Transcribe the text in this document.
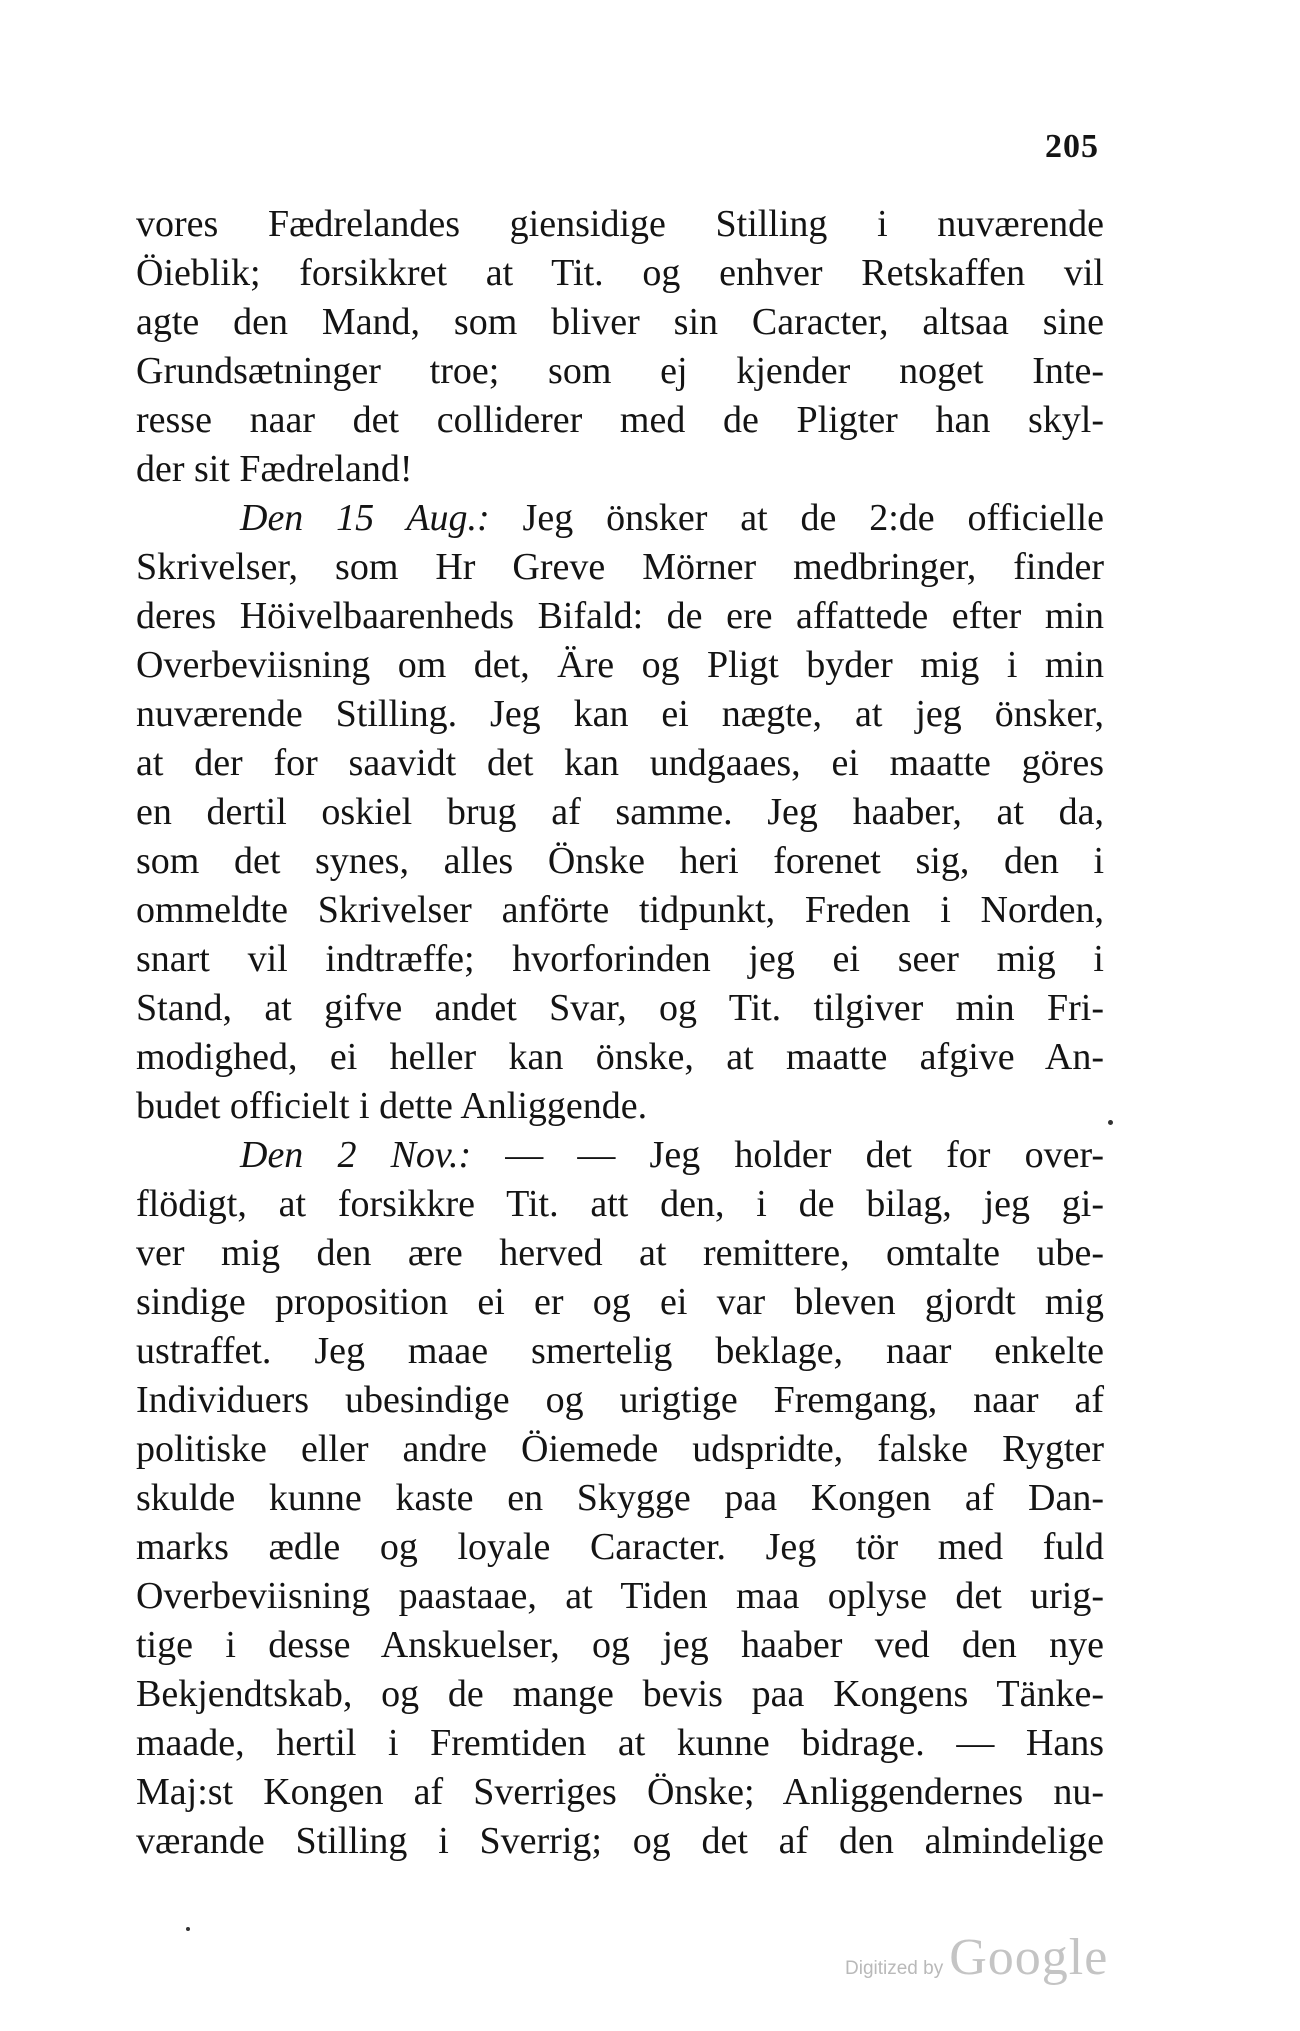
205
vores Fædrelandes giensidige Stilling i nuværende
Öieblik; forsikkret at Tit. og enhver Retskaffen vil
agte den Mand, som bliver sin Caracter, altsaa sine
Grundsætninger troe; som ej kjender noget Inte-
resse naar det colliderer med de Pligter han skyl-
der sit Fædreland!
Den 15 Aug.: Jeg önsker at de 2:de officielle
Skrivelser, som Hr Greve Mörner medbringer, finder
deres Höivelbaarenheds Bifald: de ere affattede efter min
Overbeviisning om det, Äre og Pligt byder mig i min
nuværende Stilling. Jeg kan ei nægte, at jeg önsker,
at der for saavidt det kan undgaaes, ei maatte göres
en dertil oskiel brug af samme. Jeg haaber, at da,
som det synes, alles Önske heri forenet sig, den i
ommeldte Skrivelser anförte tidpunkt, Freden i Norden,
snart vil indtræffe; hvorforinden jeg ei seer mig i
Stand, at gifve andet Svar, og Tit. tilgiver min Fri-
modighed, ei heller kan önske, at maatte afgive An-
budet officielt i dette Anliggende.
Den 2 Nov.: — — Jeg holder det for over-
flödigt, at forsikkre Tit. att den, i de bilag, jeg gi-
ver mig den ære herved at remittere, omtalte ube-
sindige proposition ei er og ei var bleven gjordt mig
ustraffet. Jeg maae smertelig beklage, naar enkelte
Individuers ubesindige og urigtige Fremgang, naar af
politiske eller andre Öiemede udspridte, falske Rygter
skulde kunne kaste en Skygge paa Kongen af Dan-
marks ædle og loyale Caracter. Jeg tör med fuld
Overbeviisning paastaae, at Tiden maa oplyse det urig-
tige i desse Anskuelser, og jeg haaber ved den nye
Bekjendtskab, og de mange bevis paa Kongens Tänke-
maade, hertil i Fremtiden at kunne bidrage. — Hans
Maj:st Kongen af Sverriges Önske; Anliggendernes nu-
værande Stilling i Sverrig; og det af den almindelige
Digitized by Google
